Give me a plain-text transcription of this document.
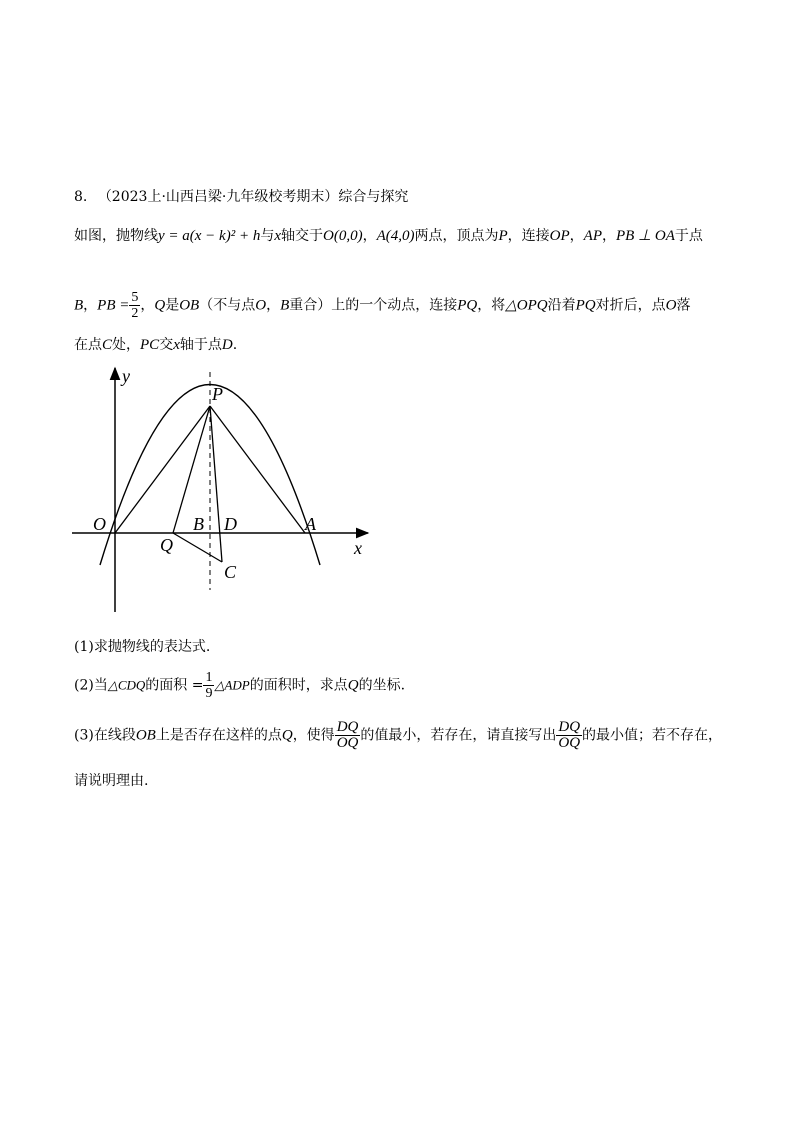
8. （2023上·山西吕梁·九年级校考期末）综合与探究
如图，抛物线y = a(x − k)² + h与x轴交于O(0,0)，A(4,0)两点，顶点为P，连接OP，AP，PB ⊥ OA于点
B，PB = $\frac{5}{2}$ ，Q是OB（不与点O，B重合）上的一个动点，连接PQ，将△OPQ沿着PQ对折后，点O落
在点C处，PC交x轴于点D.
y
P
O	B D	A
Q	x
C
(1)求抛物线的表达式.
(2)当△CDQ的面积 = $\frac{1}{9}$ △ADP的面积时，求点Q的坐标.
(3)在线段OB上是否存在这样的点Q，使得 $\frac{DQ}{OQ}$ 的值最小，若存在，请直接写出 $\frac{DQ}{OQ}$ 的最小值；若不存在，
请说明理由.
